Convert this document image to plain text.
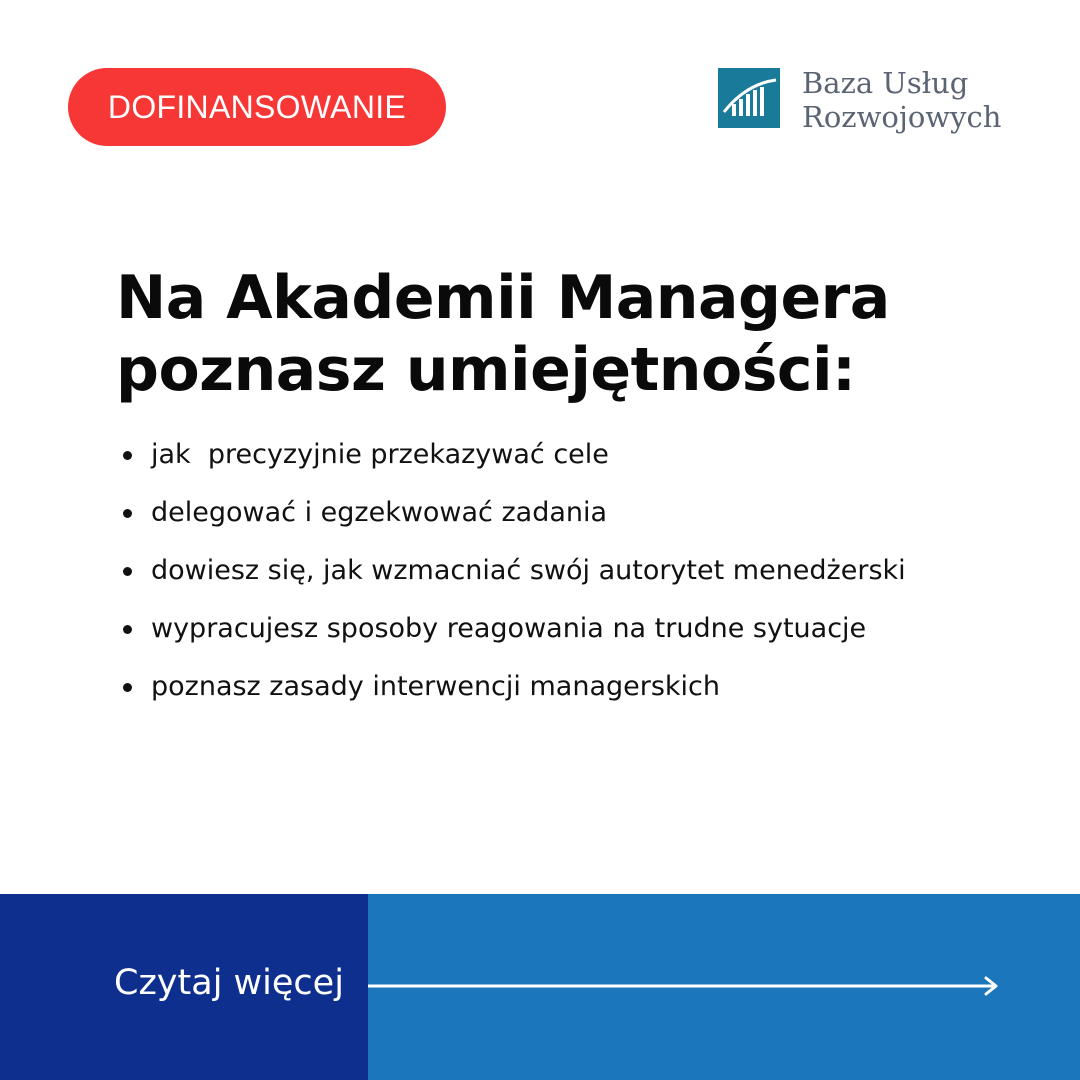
DOFINANSOWANIE
Baza Usług
Rozwojowych
Na Akademii Managera
poznasz umiejętności:
jak  precyzyjnie przekazywać cele
delegować i egzekwować zadania
dowiesz się, jak wzmacniać swój autorytet menedżerski
wypracujesz sposoby reagowania na trudne sytuacje
poznasz zasady interwencji managerskich
Czytaj więcej
